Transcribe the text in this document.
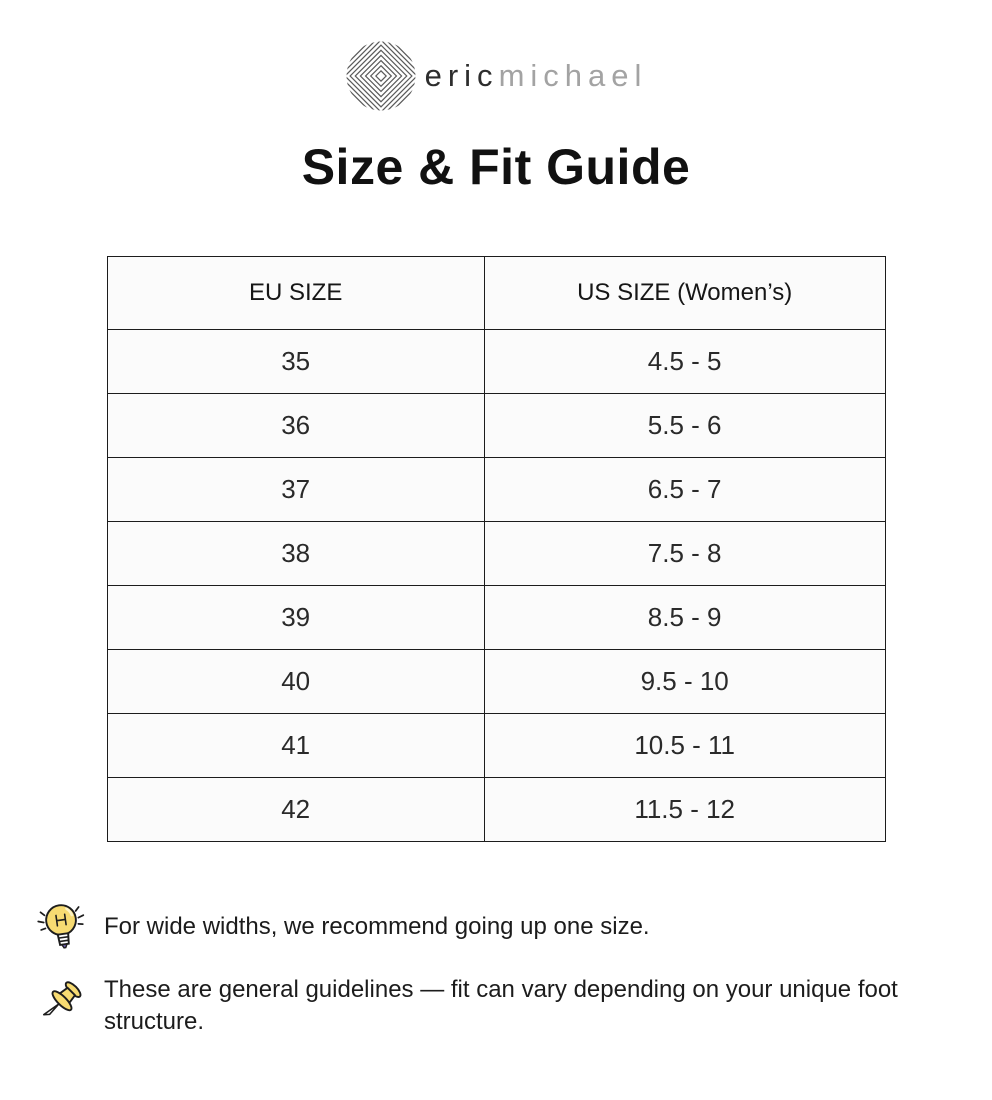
ericmichael
Size & Fit Guide
EU SIZE	US SIZE (Women’s)
35	4.5 - 5
36	5.5 - 6
37	6.5 - 7
38	7.5 - 8
39	8.5 - 9
40	9.5 - 10
41	10.5 - 11
42	11.5 - 12
For wide widths, we recommend going up one size.
These are general guidelines — fit can vary depending on your unique foot structure.
